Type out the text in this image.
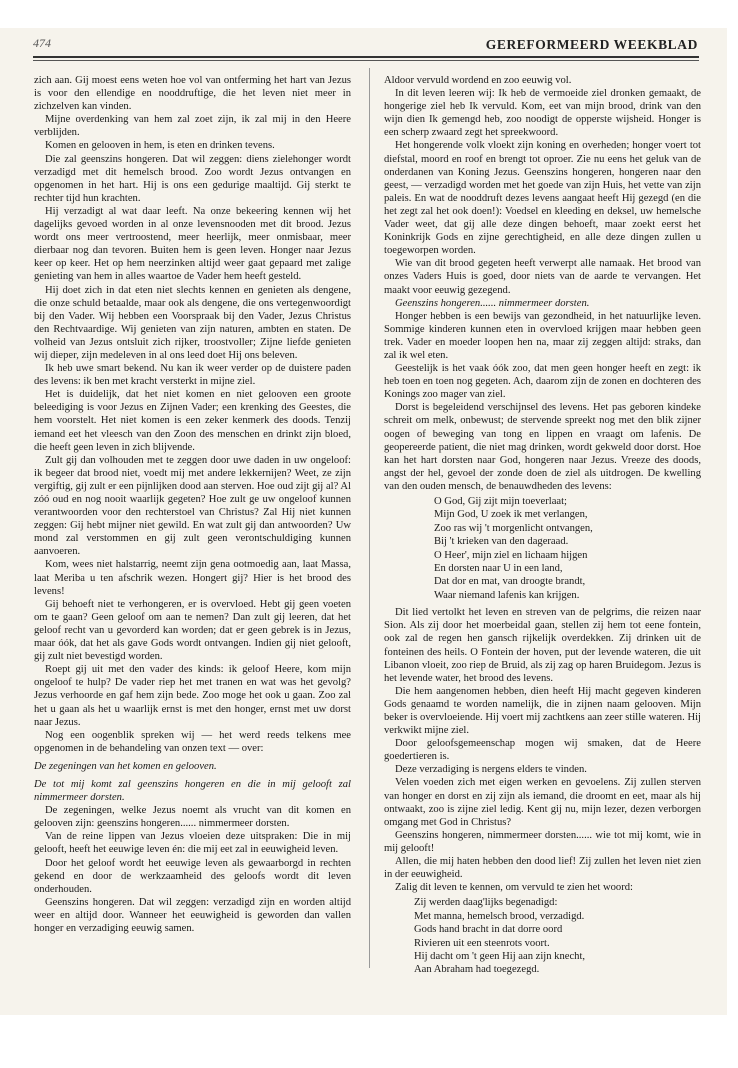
474	GEREFORMEERD WEEKBLAD

zich aan. Gij moest eens weten hoe vol van ontferming het hart van Jezus is voor den ellendige en nooddruftige, die het leven niet meer in zichzelven kan vinden.

Mijne overdenking van hem zal zoet zijn, ik zal mij in den Heere verblijden.

Komen en gelooven in hem, is eten en drinken tevens.

Die zal geenszins hongeren. Dat wil zeggen: diens zielehonger wordt verzadigd met dit hemelsch brood. Zoo wordt Jezus ontvangen en opgenomen in het hart. Hij is ons een gedurige maaltijd. Gij sterkt te rechter tijd hun krachten.

Hij verzadigt al wat daar leeft. Na onze bekeering kennen wij het dagelijks gevoed worden in al onze levensnooden met dit brood. Jezus wordt ons meer vertroostend, meer heerlijk, meer onmisbaar, meer dierbaar nog dan tevoren. Buiten hem is geen leven. Honger naar Jezus keer op keer. Het op hem neerzinken altijd weer gaat gepaard met zalige genieting van hem in alles waartoe de Vader hem heeft gesteld.

Hij doet zich in dat eten niet slechts kennen en genieten als dengene, die onze schuld betaalde, maar ook als dengene, die ons vertegenwoordigt bij den Vader. Wij hebben een Voorspraak bij den Vader, Jezus Christus den Rechtvaardige. Wij genieten van zijn naturen, ambten en staten. De volheid van Jezus ontsluit zich rijker, troostvoller; Zijne liefde genieten wij dieper, zijn medeleven in al ons leed doet Hij ons beleven.

Ik heb uwe smart bekend. Nu kan ik weer verder op de duistere paden des levens: ik ben met kracht versterkt in mijne ziel.

Het is duidelijk, dat het niet komen en niet gelooven een groote beleediging is voor Jezus en Zijnen Vader; een krenking des Geestes, die hem voorstelt. Het niet komen is een zeker kenmerk des doods. Tenzij iemand eet het vleesch van den Zoon des menschen en drinkt zijn bloed, die heeft geen leven in zich blijvende.

Zult gij dan volhouden met te zeggen door uwe daden in uw ongeloof: ik begeer dat brood niet, voedt mij met andere lekkernijen? Weet, ze zijn vergiftig, gij zult er een pijnlijken dood aan sterven. Hoe oud zijt gij al? Al zóó oud en nog nooit waarlijk gegeten? Hoe zult ge uw ongeloof kunnen verantwoorden voor den rechterstoel van Christus? Zal Hij niet kunnen zeggen: Gij hebt mijner niet gewild. En wat zult gij dan antwoorden? Uw mond zal verstommen en gij zult geen verontschuldiging kunnen aanvoeren.

Kom, wees niet halstarrig, neemt zijn gena ootmoedig aan, laat Massa, laat Meriba u ten afschrik wezen. Hongert gij? Hier is het brood des levens!

Gij behoeft niet te verhongeren, er is overvloed. Hebt gij geen voeten om te gaan? Geen geloof om aan te nemen? Dan zult gij leeren, dat het geloof recht van u gevorderd kan worden; dat er geen gebrek is in Jezus, maar óók, dat het als gave Gods wordt ontvangen. Indien gij niet gelooft, gij zult niet bevestigd worden.

Roept gij uit met den vader des kinds: ik geloof Heere, kom mijn ongeloof te hulp? De vader riep het met tranen en wat was het gevolg? Jezus verhoorde en gaf hem zijn bede. Zoo moge het ook u gaan. Zoo zal het u gaan als het u waarlijk ernst is met den honger, ernst met uw dorst naar Jezus.

Nog een oogenblik spreken wij — het werd reeds telkens mee opgenomen in de behandeling van onzen text — over:

De zegeningen van het komen en gelooven.

De tot mij komt zal geenszins hongeren en die in mij gelooft zal nimmermeer dorsten.

De zegeningen, welke Jezus noemt als vrucht van dit komen en gelooven zijn: geenszins hongeren...... nimmermeer dorsten.

Van de reine lippen van Jezus vloeien deze uitspraken: Die in mij gelooft, heeft het eeuwige leven én: die mij eet zal in eeuwigheid leven.

Door het geloof wordt het eeuwige leven als gewaarborgd in rechten gekend en door de werkzaamheid des geloofs wordt dit leven onderhouden.

Geenszins hongeren. Dat wil zeggen: verzadigd zijn en worden altijd weer en altijd door. Wanneer het eeuwigheid is geworden dan vallen honger en verzadiging eeuwig samen.

Aldoor vervuld wordend en zoo eeuwig vol.

In dit leven leeren wij: Ik heb de vermoeide ziel dronken gemaakt, de hongerige ziel heb Ik vervuld. Kom, eet van mijn brood, drink van den wijn dien Ik gemengd heb, zoo noodigt de opperste wijsheid. Honger is een scherp zwaard zegt het spreekwoord.

Het hongerende volk vloekt zijn koning en overheden; honger voert tot diefstal, moord en roof en brengt tot oproer. Zie nu eens het geluk van de onderdanen van Koning Jezus. Geenszins hongeren, hongeren naar den geest, — verzadigd worden met het goede van zijn Huis, het vette van zijn paleis. En wat de nooddruft dezes levens aangaat heeft Hij gezegd (en die het zegt zal het ook doen!): Voedsel en kleeding en deksel, uw hemelsche Vader weet, dat gij alle deze dingen behoeft, maar zoekt eerst het Koninkrijk Gods en zijne gerechtigheid, en alle deze dingen zullen u toegeworpen worden.

Wie van dit brood gegeten heeft verwerpt alle namaak. Het brood van onzes Vaders Huis is goed, door niets van de aarde te vervangen. Het maakt voor eeuwig gezegend.

Geenszins hongeren...... nimmermeer dorsten.

Honger hebben is een bewijs van gezondheid, in het natuurlijke leven. Sommige kinderen kunnen eten in overvloed krijgen maar hebben geen trek. Vader en moeder loopen hen na, maar zij zeggen altijd: straks, dan zal ik wel eten.

Geestelijk is het vaak óók zoo, dat men geen honger heeft en zegt: ik heb toen en toen nog gegeten. Ach, daarom zijn de zonen en dochteren des Konings zoo mager van ziel.

Dorst is begeleidend verschijnsel des levens. Het pas geboren kindeke schreit om melk, onbewust; de stervende spreekt nog met den blik zijner oogen of beweging van tong en lippen en vraagt om lafenis. De geopereerde patient, die niet mag drinken, wordt gekweld door dorst. Hoe kan het hart dorsten naar God, hongeren naar Jezus. Vreeze des doods, angst der hel, gevoel der zonde doen de ziel als uitdrogen. De kwelling van den ouden mensch, de benauwdheden des levens:

O God, Gij zijt mijn toeverlaat;
Mijn God, U zoek ik met verlangen,
Zoo ras wij 't morgenlicht ontvangen,
Bij 't krieken van den dageraad.
O Heer', mijn ziel en lichaam hijgen
En dorsten naar U in een land,
Dat dor en mat, van droogte brandt,
Waar niemand lafenis kan krijgen.

Dit lied vertolkt het leven en streven van de pelgrims, die reizen naar Sion. Als zij door het moerbeidal gaan, stellen zij hem tot eene fontein, ook zal de regen hen gansch rijkelijk overdekken. Zij drinken uit de fonteinen des heils. O Fontein der hoven, put der levende wateren, die uit Libanon vloeit, zoo riep de Bruid, als zij zag op haren Bruidegom. Jezus is het levende water, het brood des levens.

Die hem aangenomen hebben, dien heeft Hij macht gegeven kinderen Gods genaamd te worden namelijk, die in zijnen naam gelooven. Mijn beker is overvloeiende. Hij voert mij zachtkens aan zeer stille wateren. Hij verkwikt mijne ziel.

Door geloofsgemeenschap mogen wij smaken, dat de Heere goedertieren is.

Deze verzadiging is nergens elders te vinden.

Velen voeden zich met eigen werken en gevoelens. Zij zullen sterven van honger en dorst en zij zijn als iemand, die droomt en eet, maar als hij ontwaakt, zoo is zijne ziel ledig. Kent gij nu, mijn lezer, dezen verborgen omgang met God in Christus?

Geenszins hongeren, nimmermeer dorsten...... wie tot mij komt, wie in mij gelooft!

Allen, die mij haten hebben den dood lief! Zij zullen het leven niet zien in der eeuwigheid.

Zalig dit leven te kennen, om vervuld te zien het woord:

Zij werden daag'lijks begenadigd:
Met manna, hemelsch brood, verzadigd.
Gods hand bracht in dat dorre oord
Rivieren uit een steenrots voort.
Hij dacht om 't geen Hij aan zijn knecht,
Aan Abraham had toegezegd.
